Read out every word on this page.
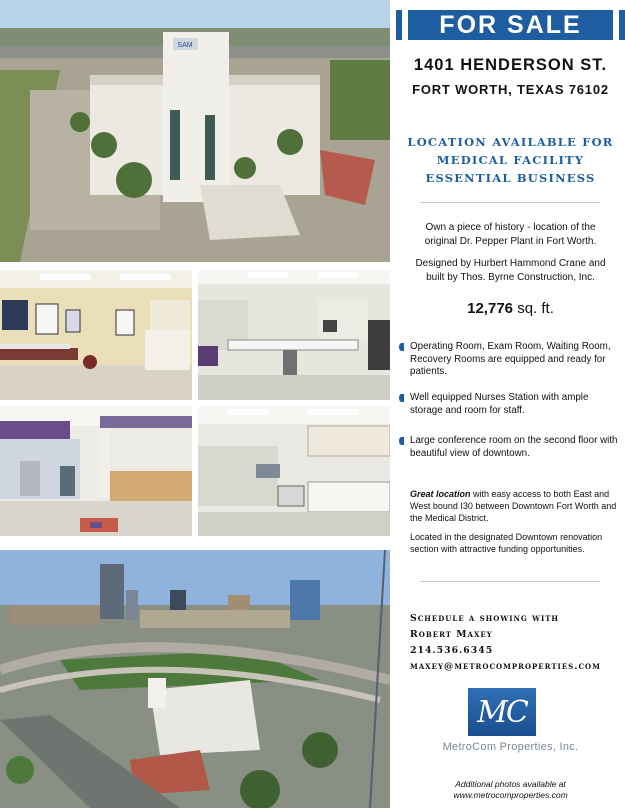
SAM
FOR SALE
1401 HENDERSON ST.
FORT WORTH, TEXAS 76102
LOCATION AVAILABLE FOR
MEDICAL FACILITY
ESSENTIAL BUSINESS
Own a piece of history - location of the
original Dr. Pepper Plant in Fort Worth.
Designed by Hurbert Hammond Crane and
built by Thos. Byrne Construction, Inc.
12,776 sq. ft.
Operating Room, Exam Room, Waiting Room, Recovery Rooms are equipped and ready for patients.
Well equipped Nurses Station with ample storage and room for staff.
Large conference room on the second floor with beautiful view of downtown.
Great location with easy access to both East and West bound I30 between Downtown Fort Worth and the Medical District.
Located in the designated Downtown renovation section with attractive funding opportunities.
Schedule a showing with
Robert Maxey
214.536.6345
maxey@metrocomproperties.com
MC
MetroCom Properties, Inc.
Additional photos available at
www.metrocomproperties.com
